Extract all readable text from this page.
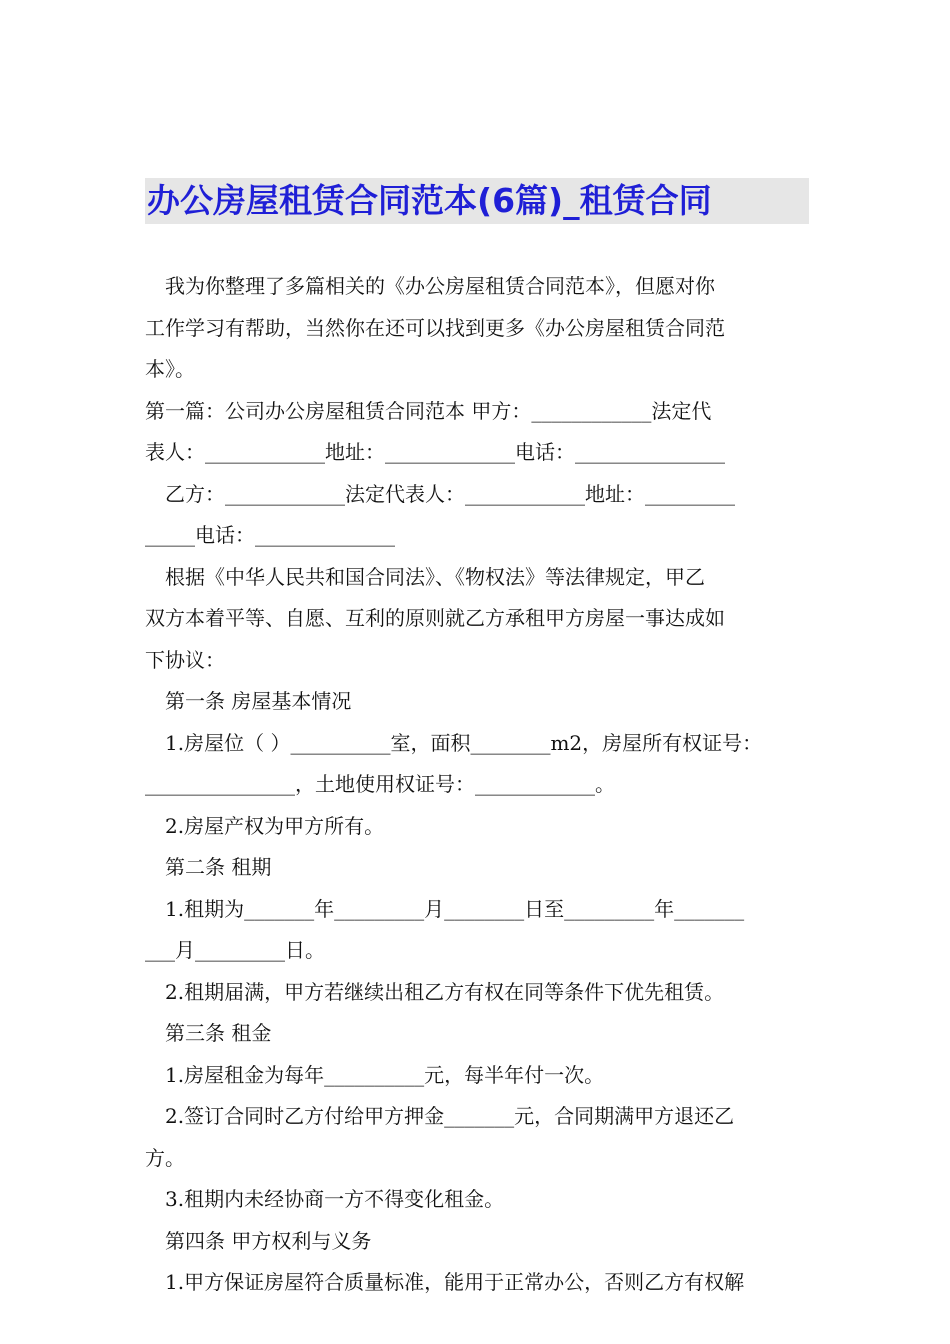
办公房屋租赁合同范本(6篇)_租赁合同

我为你整理了多篇相关的《办公房屋租赁合同范本》，但愿对你

工作学习有帮助，当然你在还可以找到更多《办公房屋租赁合同范

本》。

第一篇：公司办公房屋租赁合同范本 甲方：____________法定代

表人：____________地址：_____________电话：_______________

乙方：____________法定代表人：____________地址：_________

_____电话：______________

根据《中华人民共和国合同法》、《物权法》等法律规定，甲乙

双方本着平等、自愿、互利的原则就乙方承租甲方房屋一事达成如

下协议：

第一条 房屋基本情况

1.房屋位（ ）__________室，面积________m2，房屋所有权证号：

_______________，土地使用权证号：____________。

2.房屋产权为甲方所有。

第二条 租期

1.租期为_______年_________月________日至_________年_______

___月_________日。

2.租期届满，甲方若继续出租乙方有权在同等条件下优先租赁。

第三条 租金

1.房屋租金为每年__________元，每半年付一次。

2.签订合同时乙方付给甲方押金_______元，合同期满甲方退还乙

方。

3.租期内未经协商一方不得变化租金。

第四条 甲方权利与义务

1.甲方保证房屋符合质量标准，能用于正常办公，否则乙方有权解
